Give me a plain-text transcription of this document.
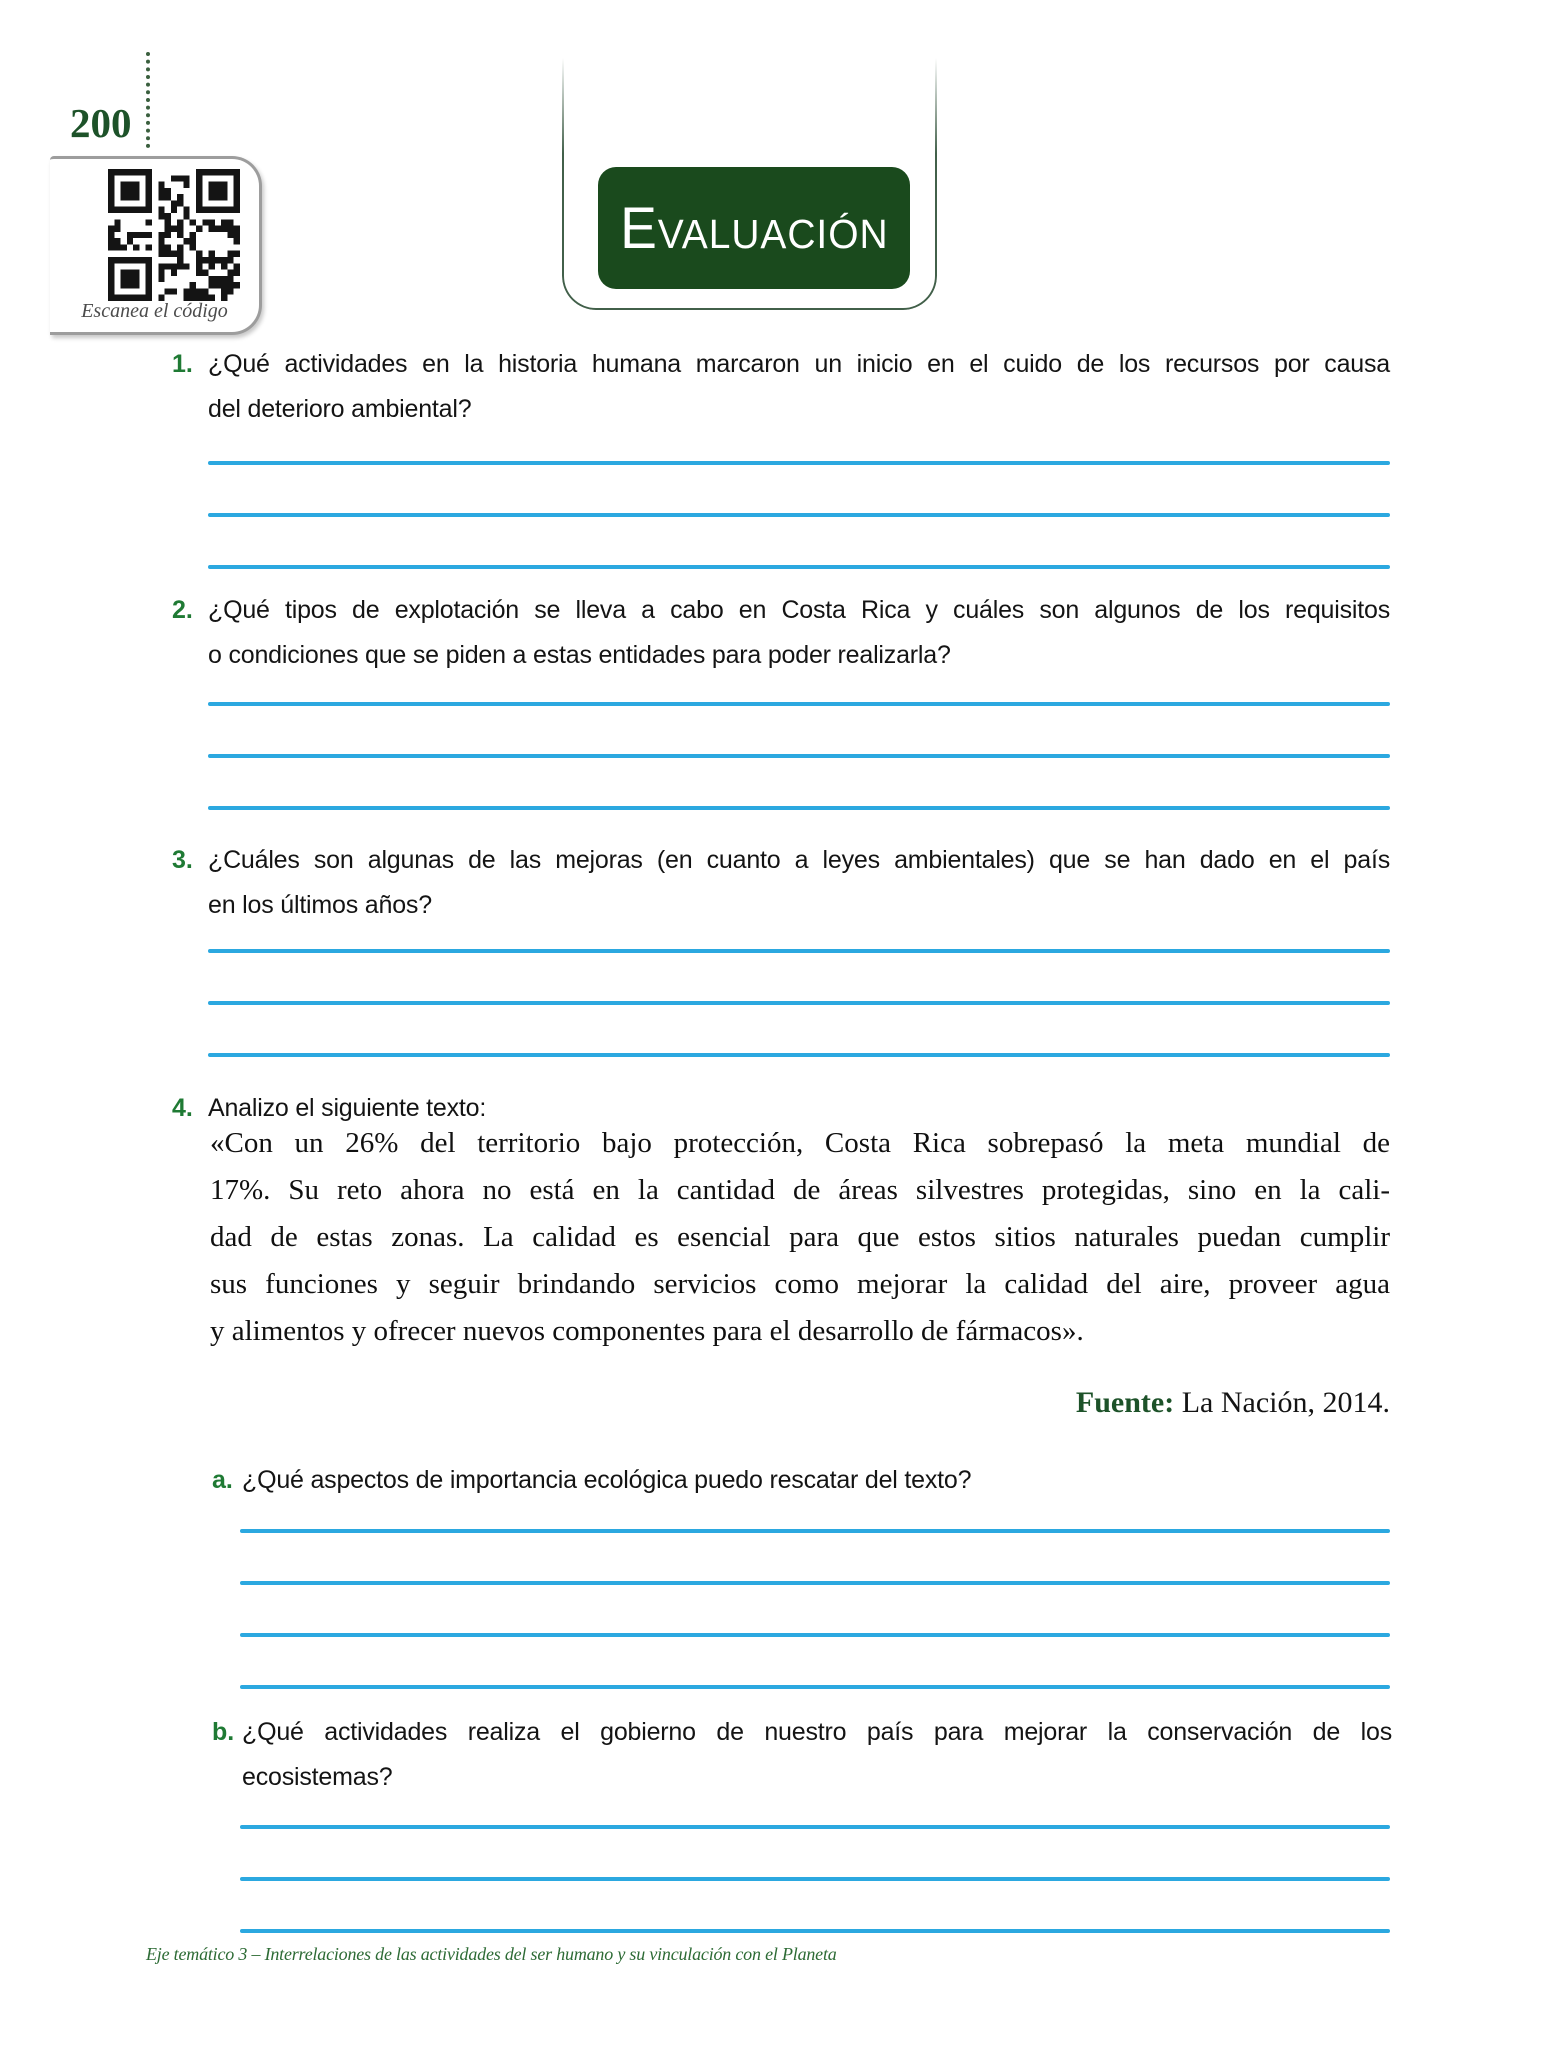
200
Escanea el código
EVALUACIÓN
1. ¿Qué actividades en la historia humana marcaron un inicio en el cuido de los recursos por causa
del deterioro ambiental?
2. ¿Qué tipos de explotación se lleva a cabo en Costa Rica y cuáles son algunos de los requisitos
o condiciones que se piden a estas entidades para poder realizarla?
3. ¿Cuáles son algunas de las mejoras (en cuanto a leyes ambientales) que se han dado en el país
en los últimos años?
4. Analizo el siguiente texto:
«Con un 26% del territorio bajo protección, Costa Rica sobrepasó la meta mundial de
17%. Su reto ahora no está en la cantidad de áreas silvestres protegidas, sino en la cali-
dad de estas zonas. La calidad es esencial para que estos sitios naturales puedan cumplir
sus funciones y seguir brindando servicios como mejorar la calidad del aire, proveer agua
y alimentos y ofrecer nuevos componentes para el desarrollo de fármacos».
Fuente: La Nación, 2014.
a. ¿Qué aspectos de importancia ecológica puedo rescatar del texto?
b. ¿Qué actividades realiza el gobierno de nuestro país para mejorar la conservación de los
ecosistemas?
Eje temático 3 – Interrelaciones de las actividades del ser humano y su vinculación con el Planeta
